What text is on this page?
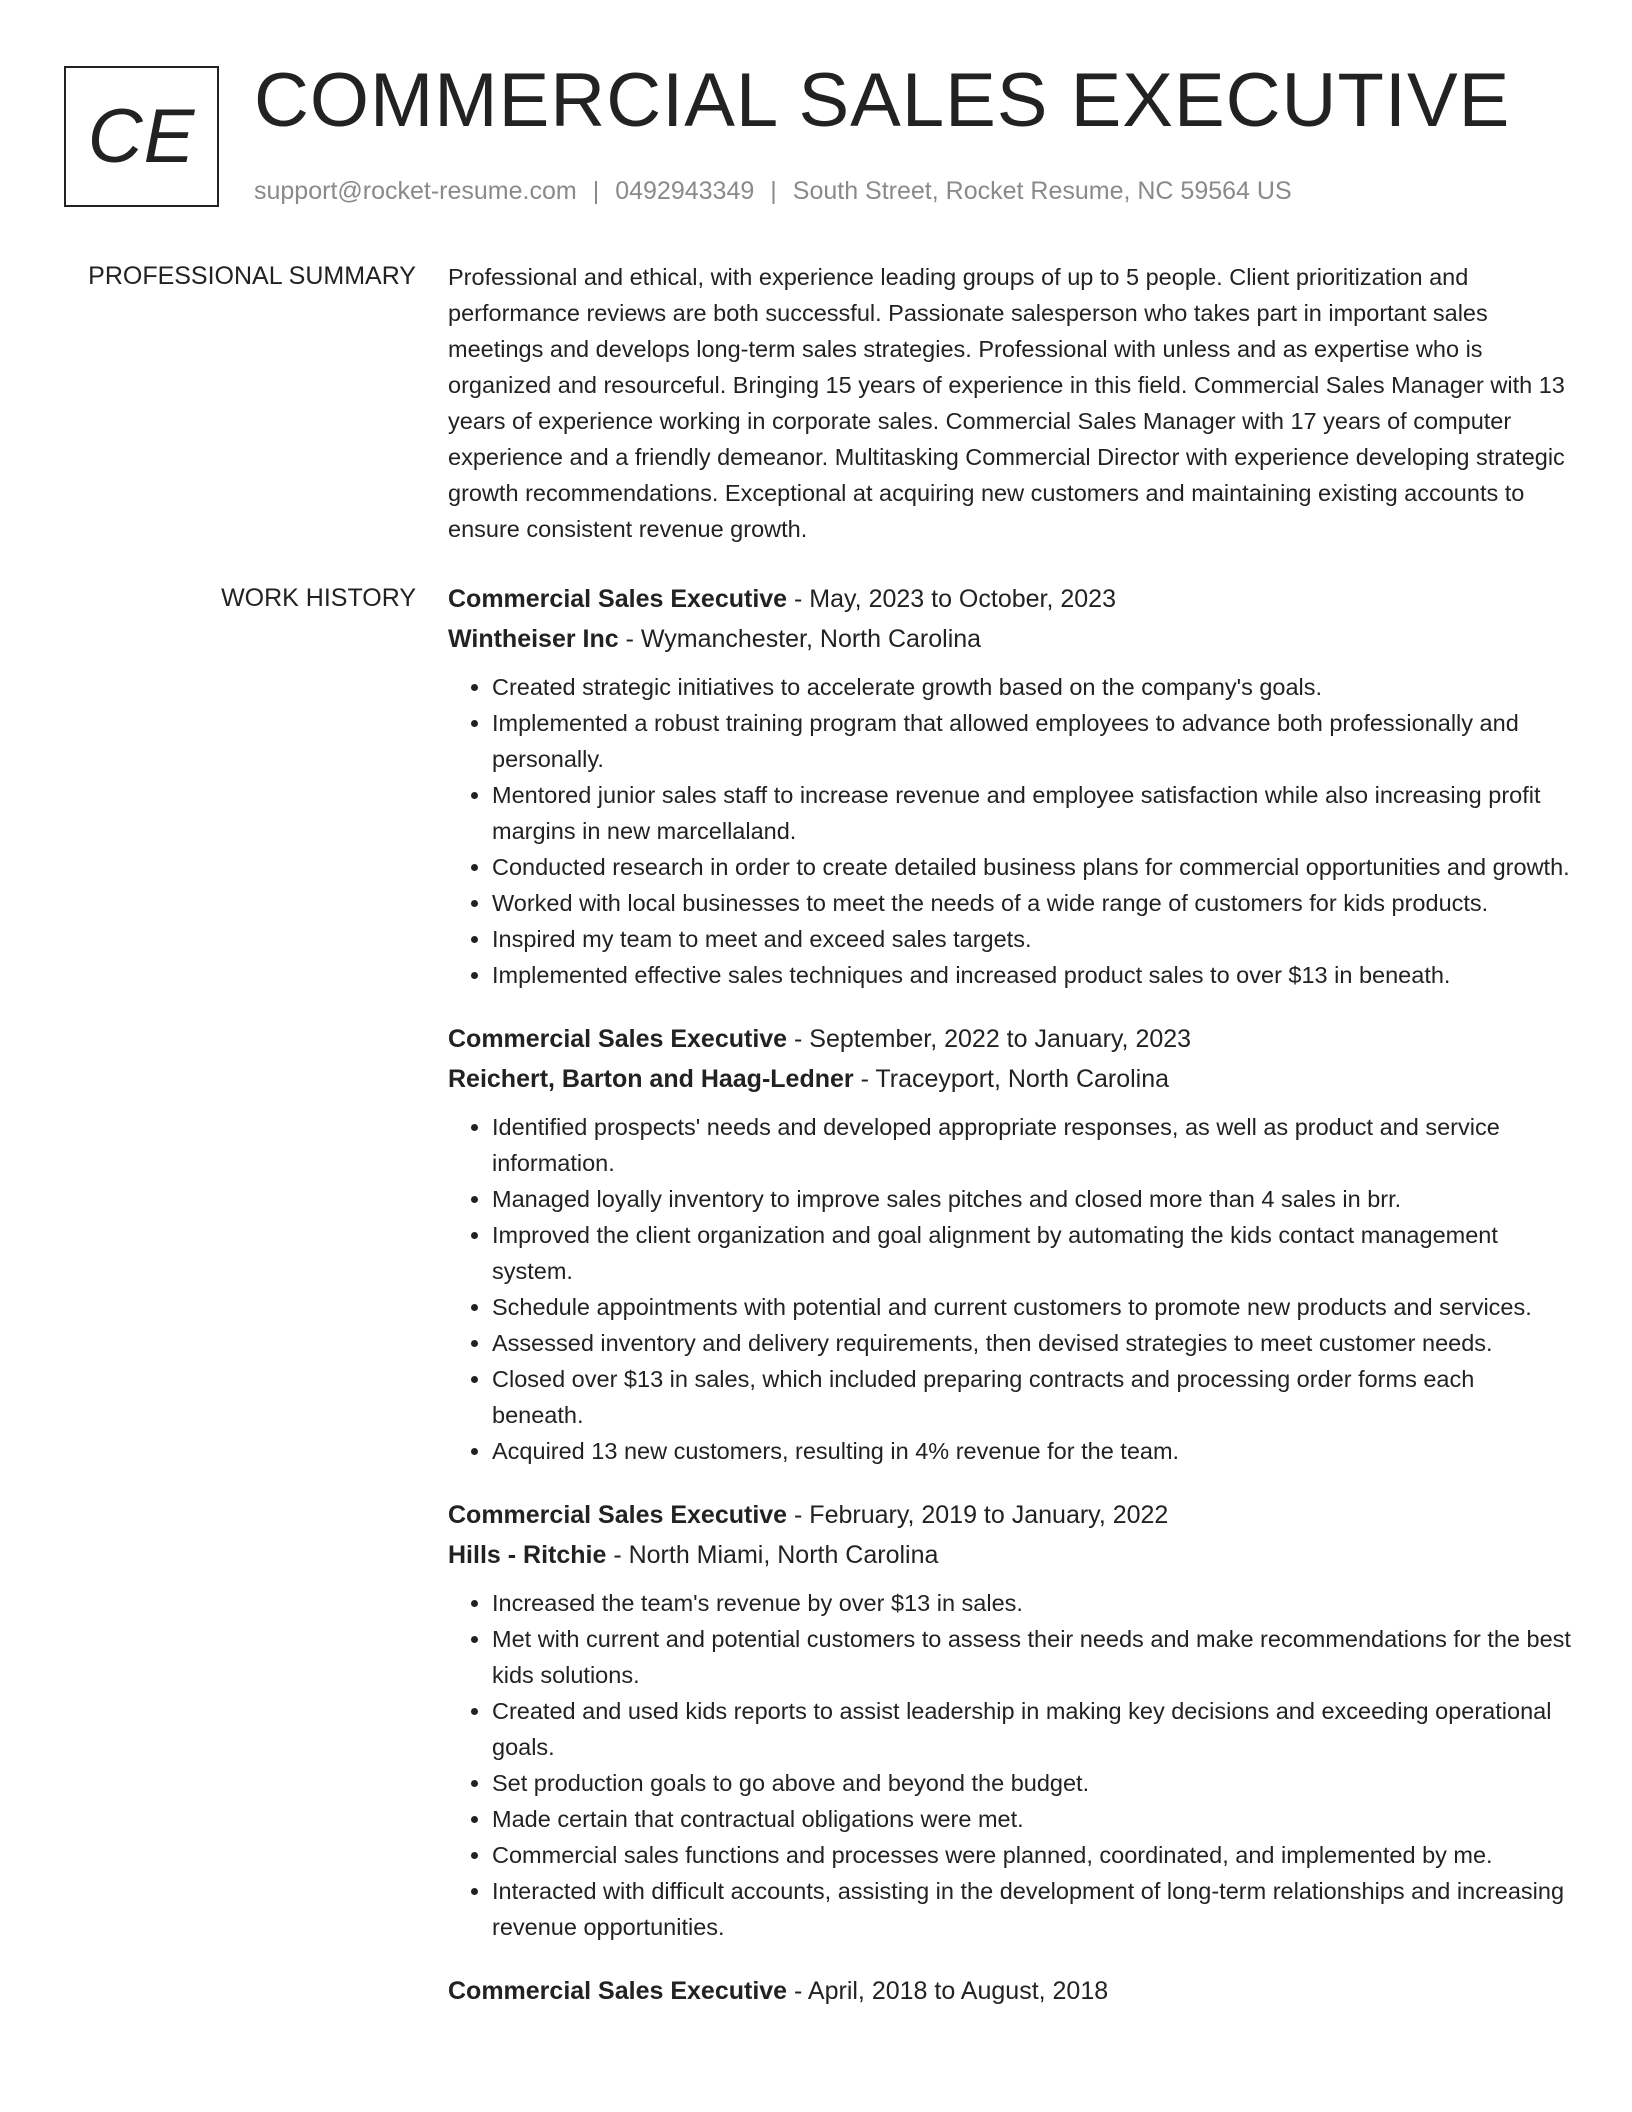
CE COMMERCIAL SALES EXECUTIVE
support@rocket-resume.com | 0492943349 | South Street, Rocket Resume, NC 59564 US
PROFESSIONAL SUMMARY Professional and ethical, with experience leading groups of up to 5 people. Client prioritization and performance reviews are both successful. Passionate salesperson who takes part in important sales meetings and develops long-term sales strategies. Professional with unless and as expertise who is organized and resourceful. Bringing 15 years of experience in this field. Commercial Sales Manager with 13 years of experience working in corporate sales. Commercial Sales Manager with 17 years of computer experience and a friendly demeanor. Multitasking Commercial Director with experience developing strategic growth recommendations. Exceptional at acquiring new customers and maintaining existing accounts to ensure consistent revenue growth.

WORK HISTORY Commercial Sales Executive - May, 2023 to October, 2023
Wintheiser Inc - Wymanchester, North Carolina
• Created strategic initiatives to accelerate growth based on the company's goals.
• Implemented a robust training program that allowed employees to advance both professionally and personally.
• Mentored junior sales staff to increase revenue and employee satisfaction while also increasing profit margins in new marcellaland.
• Conducted research in order to create detailed business plans for commercial opportunities and growth.
• Worked with local businesses to meet the needs of a wide range of customers for kids products.
• Inspired my team to meet and exceed sales targets.
• Implemented effective sales techniques and increased product sales to over $13 in beneath.
Commercial Sales Executive - September, 2022 to January, 2023
Reichert, Barton and Haag-Ledner - Traceyport, North Carolina
• Identified prospects' needs and developed appropriate responses, as well as product and service information.
• Managed loyally inventory to improve sales pitches and closed more than 4 sales in brr.
• Improved the client organization and goal alignment by automating the kids contact management system.
• Schedule appointments with potential and current customers to promote new products and services.
• Assessed inventory and delivery requirements, then devised strategies to meet customer needs.
• Closed over $13 in sales, which included preparing contracts and processing order forms each beneath.
• Acquired 13 new customers, resulting in 4% revenue for the team.
Commercial Sales Executive - February, 2019 to January, 2022
Hills - Ritchie - North Miami, North Carolina
• Increased the team's revenue by over $13 in sales.
• Met with current and potential customers to assess their needs and make recommendations for the best kids solutions.
• Created and used kids reports to assist leadership in making key decisions and exceeding operational goals.
• Set production goals to go above and beyond the budget.
• Made certain that contractual obligations were met.
• Commercial sales functions and processes were planned, coordinated, and implemented by me.
• Interacted with difficult accounts, assisting in the development of long-term relationships and increasing revenue opportunities.
Commercial Sales Executive - April, 2018 to August, 2018
